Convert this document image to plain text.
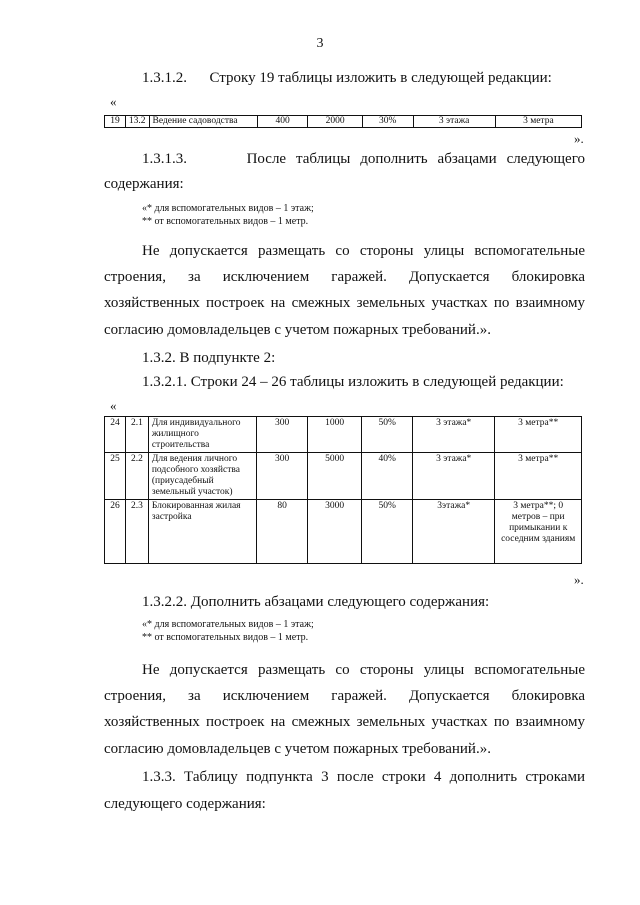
3
1.3.1.2.      Строку 19 таблицы изложить в следующей редакции:
«
19	13.2	Ведение садоводства	400	2000	30%	3 этажа	3 метра
».
1.3.1.3.      После таблицы дополнить абзацами следующего
содержания:
«* для вспомогательных видов – 1 этаж;
** от вспомогательных видов – 1 метр.
Не допускается размещать со стороны улицы вспомогательные
строения, за исключением гаражей. Допускается блокировка
хозяйственных построек на смежных земельных участках по взаимному
согласию домовладельцев с учетом пожарных требований.».
1.3.2. В подпункте 2:
1.3.2.1. Строки 24 – 26 таблицы изложить в следующей редакции:
«
24	2.1	Для индивидуального жилищного строительства	300	1000	50%	3 этажа*	3 метра**
25	2.2	Для ведения личного подсобного хозяйства (приусадебный земельный участок)	300	5000	40%	3 этажа*	3 метра**
26	2.3	Блокированная жилая застройка	80	3000	50%	3этажа*	3 метра**; 0 метров – при примыкании к соседним зданиям
».
1.3.2.2. Дополнить абзацами следующего содержания:
«* для вспомогательных видов – 1 этаж;
** от вспомогательных видов – 1 метр.
Не допускается размещать со стороны улицы вспомогательные
строения, за исключением гаражей. Допускается блокировка
хозяйственных построек на смежных земельных участках по взаимному
согласию домовладельцев с учетом пожарных требований.».
1.3.3. Таблицу подпункта 3 после строки 4 дополнить строками
следующего содержания:
